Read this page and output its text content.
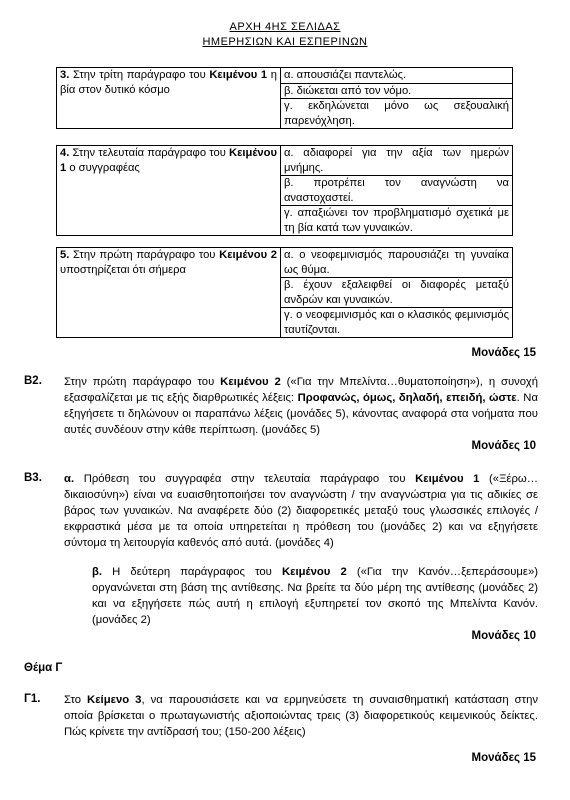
ΑΡΧΗ 4ΗΣ ΣΕΛΙΔΑΣ
ΗΜΕΡΗΣΙΩΝ ΚΑΙ ΕΣΠΕΡΙΝΩΝ
3. Στην τρίτη παράγραφο του Κειμένου 1 η βία στον δυτικό κόσμο	α. απουσιάζει παντελώς.
β. διώκεται από τον νόμο.
γ. εκδηλώνεται μόνο ως σεξουαλική παρενόχληση.
4. Στην τελευταία παράγραφο του Κειμένου 1 ο συγγραφέας	α. αδιαφορεί για την αξία των ημερών μνήμης.
β. προτρέπει τον αναγνώστη να αναστοχαστεί.
γ. απαξιώνει τον προβληματισμό σχετικά με τη βία κατά των γυναικών.
5. Στην πρώτη παράγραφο του Κειμένου 2 υποστηρίζεται ότι σήμερα	α. ο νεοφεμινισμός παρουσιάζει τη γυναίκα ως θύμα.
β. έχουν εξαλειφθεί οι διαφορές μεταξύ ανδρών και γυναικών.
γ. ο νεοφεμινισμός και ο κλασικός φεμινισμός ταυτίζονται.
Μονάδες 15
Β2. Στην πρώτη παράγραφο του Κειμένου 2 («Για την Μπελίντα…θυματοποίηση»), η συνοχή εξασφαλίζεται με τις εξής διαρθρωτικές λέξεις: Προφανώς, όμως, δηλαδή, επειδή, ώστε. Να εξηγήσετε τι δηλώνουν οι παραπάνω λέξεις (μονάδες 5), κάνοντας αναφορά στα νοήματα που αυτές συνδέουν στην κάθε περίπτωση. (μονάδες 5)
Μονάδες 10
Β3. α. Πρόθεση του συγγραφέα στην τελευταία παράγραφο του Κειμένου 1 («Ξέρω… δικαιοσύνη») είναι να ευαισθητοποιήσει τον αναγνώστη / την αναγνώστρια για τις αδικίες σε βάρος των γυναικών. Να αναφέρετε δύο (2) διαφορετικές μεταξύ τους γλωσσικές επιλογές / εκφραστικά μέσα με τα οποία υπηρετείται η πρόθεση του (μονάδες 2) και να εξηγήσετε σύντομα τη λειτουργία καθενός από αυτά. (μονάδες 4)
β. Η δεύτερη παράγραφος του Κειμένου 2 («Για την Κανόν…ξεπεράσουμε») οργανώνεται στη βάση της αντίθεσης. Να βρείτε τα δύο μέρη της αντίθεσης (μονάδες 2) και να εξηγήσετε πώς αυτή η επιλογή εξυπηρετεί τον σκοπό της Μπελίντα Κανόν. (μονάδες 2)
Μονάδες 10
Θέμα Γ
Γ1. Στο Κείμενο 3, να παρουσιάσετε και να ερμηνεύσετε τη συναισθηματική κατάσταση στην οποία βρίσκεται ο πρωταγωνιστής αξιοποιώντας τρεις (3) διαφορετικούς κειμενικούς δείκτες. Πώς κρίνετε την αντίδρασή του; (150-200 λέξεις)
Μονάδες 15
